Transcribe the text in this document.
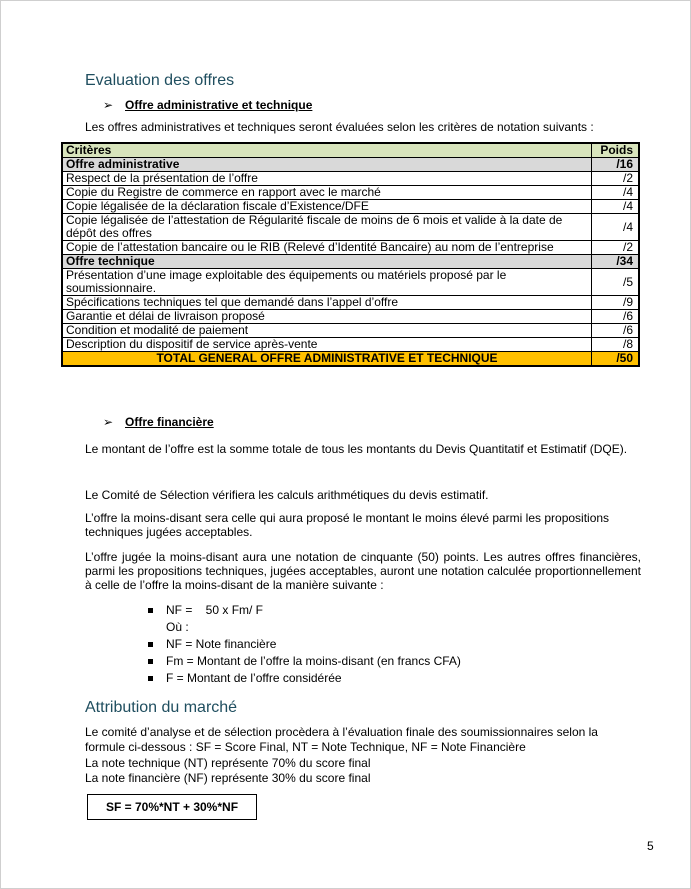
Evaluation des offres
➢ Offre administrative et technique
Les offres administratives et techniques seront évaluées selon les critères de notation suivants :
Critères	Poids
Offre administrative	/16
Respect de la présentation de l’offre	/2
Copie du Registre de commerce en rapport avec le marché	/4
Copie légalisée de la déclaration fiscale d’Existence/DFE	/4
Copie légalisée de l’attestation de Régularité fiscale de moins de 6 mois et valide à la date de dépôt des offres	/4
Copie de l’attestation bancaire ou le RIB (Relevé d’Identité Bancaire) au nom de l’entreprise	/2
Offre technique	/34
Présentation d’une image exploitable des équipements ou matériels proposé par le soumissionnaire.	/5
Spécifications techniques tel que demandé dans l’appel d’offre	/9
Garantie et délai de livraison proposé	/6
Condition et modalité de paiement	/6
Description du dispositif de service après-vente	/8
TOTAL GENERAL OFFRE ADMINISTRATIVE ET TECHNIQUE	/50
➢ Offre financière
Le montant de l’offre est la somme totale de tous les montants du Devis Quantitatif et Estimatif (DQE).
Le Comité de Sélection vérifiera les calculs arithmétiques du devis estimatif.
L’offre la moins-disant sera celle qui aura proposé le montant le moins élevé parmi les propositions techniques jugées acceptables.
L’offre jugée la moins-disant aura une notation de cinquante (50) points. Les autres offres financières, parmi les propositions techniques, jugées acceptables, auront une notation calculée proportionnellement à celle de l’offre la moins-disant de la manière suivante :
NF =    50 x Fm/ F
Où :
NF = Note financière
Fm = Montant de l’offre la moins-disant (en francs CFA)
F = Montant de l’offre considérée
Attribution du marché
Le comité d’analyse et de sélection procèdera à l’évaluation finale des soumissionnaires selon la
formule ci-dessous : SF = Score Final, NT = Note Technique, NF = Note Financière
La note technique (NT) représente 70% du score final
La note financière (NF) représente 30% du score final
SF = 70%*NT + 30%*NF
5
